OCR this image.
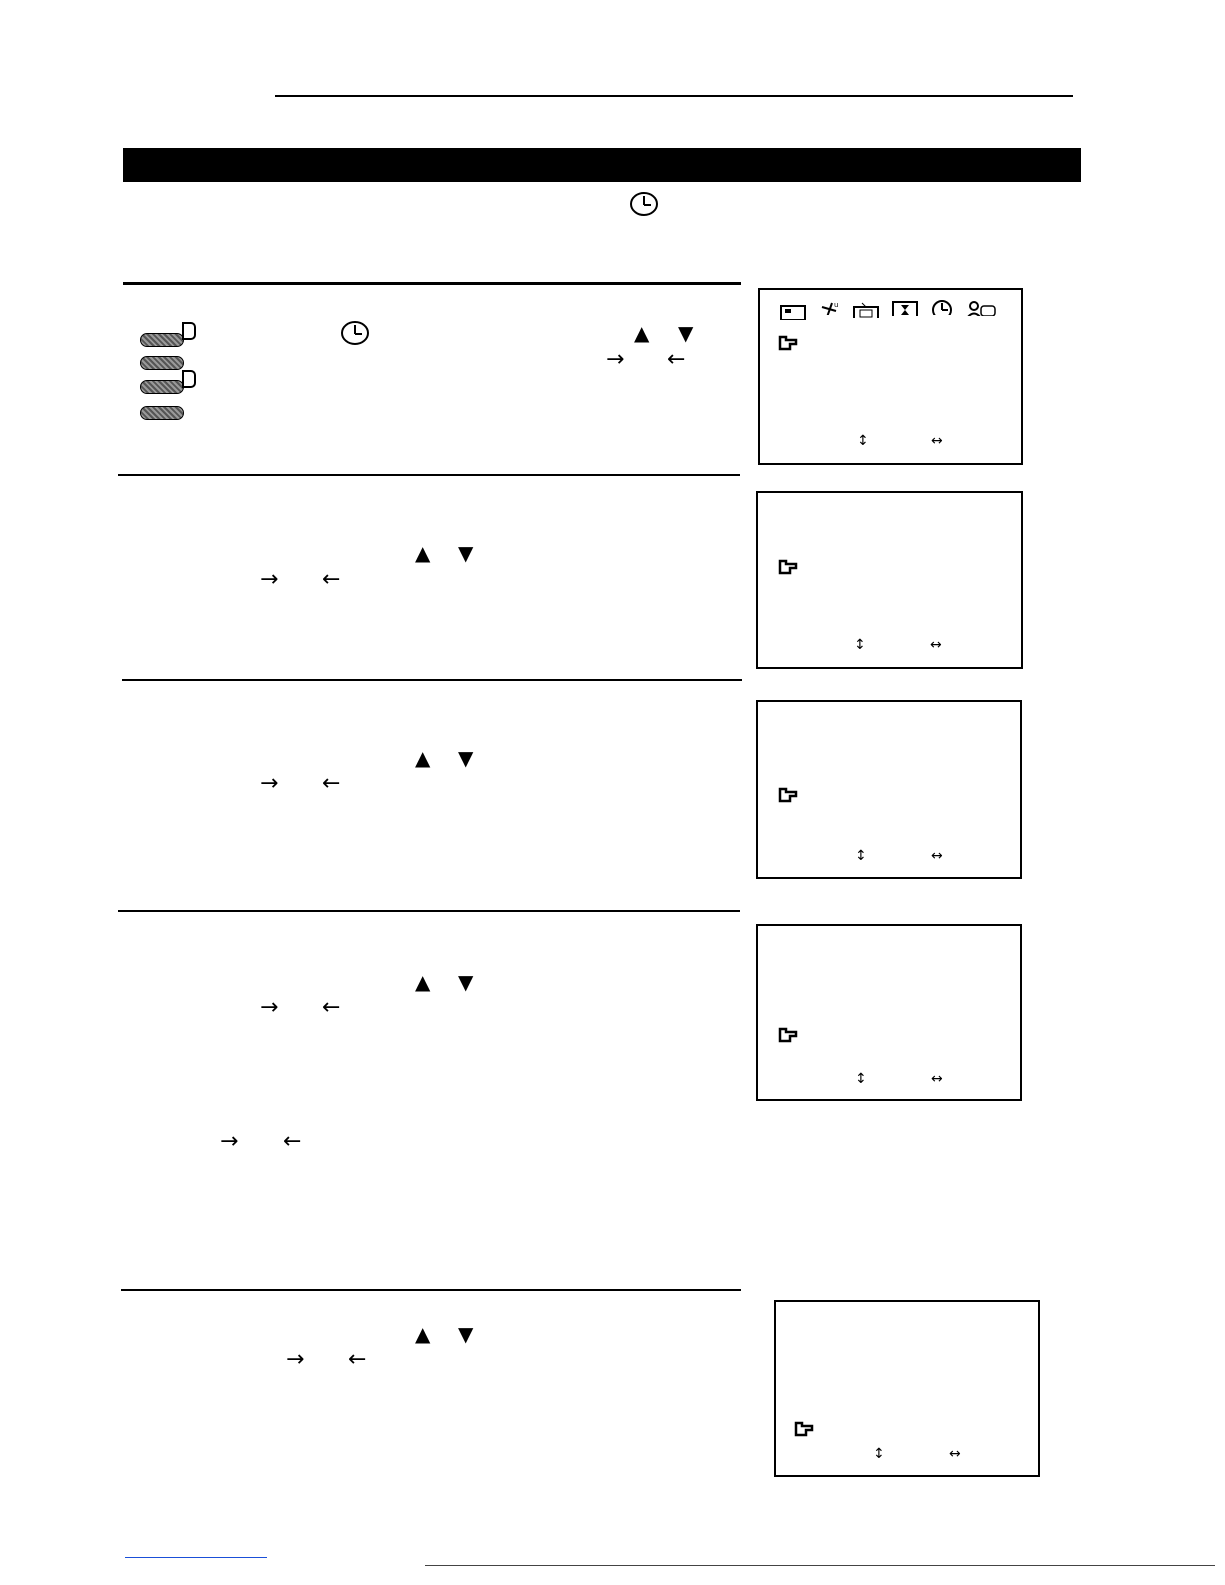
▲ ▼
→ ←
u
↕	↔
▲ ▼
→ ←
↕	↔
▲ ▼
→ ←
↕	↔
▲ ▼
→ ←
→ ←
↕	↔
▲ ▼
→ ←
↕	↔
